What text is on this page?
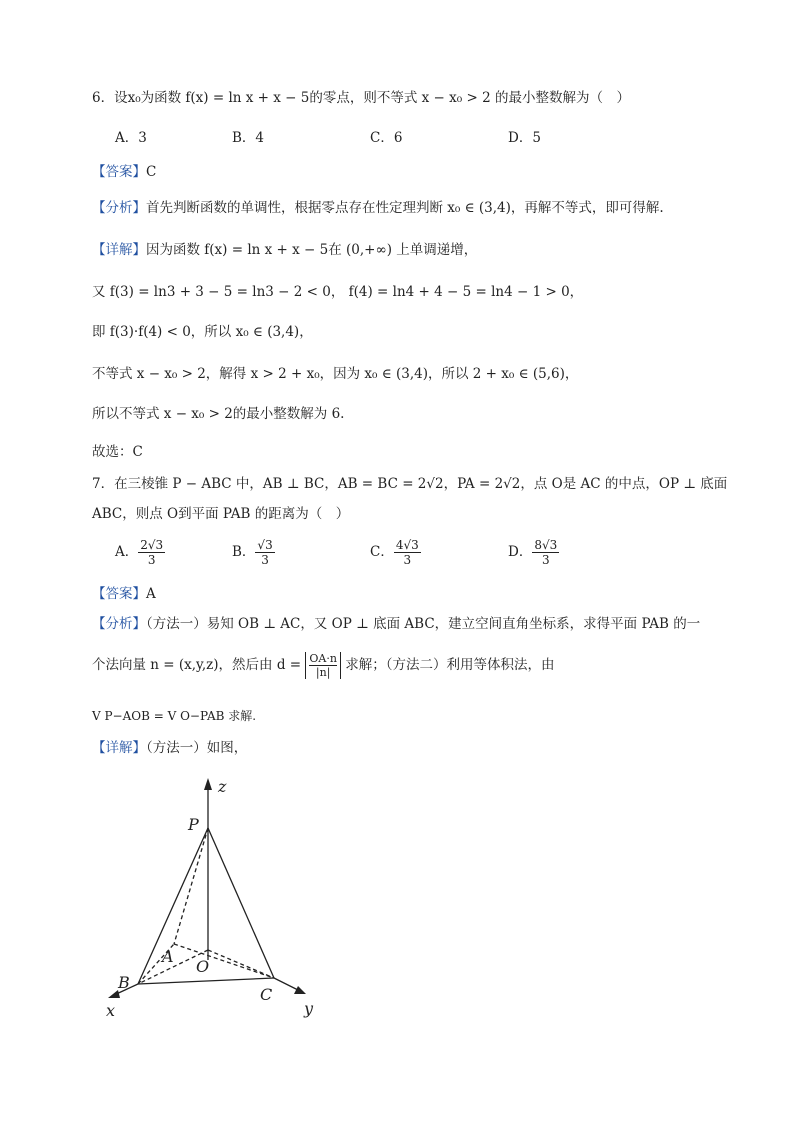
6．设x₀为函数 f(x) = ln x + x − 5的零点，则不等式 x − x₀ > 2 的最小整数解为（　）
A．3	B．4	C．6	D．5
【答案】C
【分析】首先判断函数的单调性，根据零点存在性定理判断 x₀ ∈ (3,4)，再解不等式，即可得解.
【详解】因为函数 f(x) = ln x + x − 5在 (0,+∞) 上单调递增，
又 f(3) = ln3 + 3 − 5 = ln3 − 2 < 0， f(4) = ln4 + 4 − 5 = ln4 − 1 > 0，
即 f(3)·f(4) < 0，所以 x₀ ∈ (3,4)，
不等式 x − x₀ > 2，解得 x > 2 + x₀，因为 x₀ ∈ (3,4)，所以 2 + x₀ ∈ (5,6)，
所以不等式 x − x₀ > 2的最小整数解为 6.
故选：C
7．在三棱锥 P − ABC 中，AB ⊥ BC，AB = BC = 2√2，PA = 2√2，点 O是 AC 的中点，OP ⊥ 底面
ABC，则点 O到平面 PAB 的距离为（　）
A． $\frac{2√3}{3}$	B． $\frac{√3}{3}$	C． $\frac{4√3}{3}$	D． $\frac{8√3}{3}$
【答案】A
【分析】（方法一）易知 OB ⊥ AC，又 OP ⊥ 底面 ABC，建立空间直角坐标系，求得平面 PAB 的一
个法向量 n = (x,y,z)，然后由 $d = \frac{OA\cdot n}{|n|}$ 求解；（方法二）利用等体积法，由
V P−AOB = V O−PAB 求解.
【详解】（方法一）如图，
P
A
O
B
C
x	y
z
